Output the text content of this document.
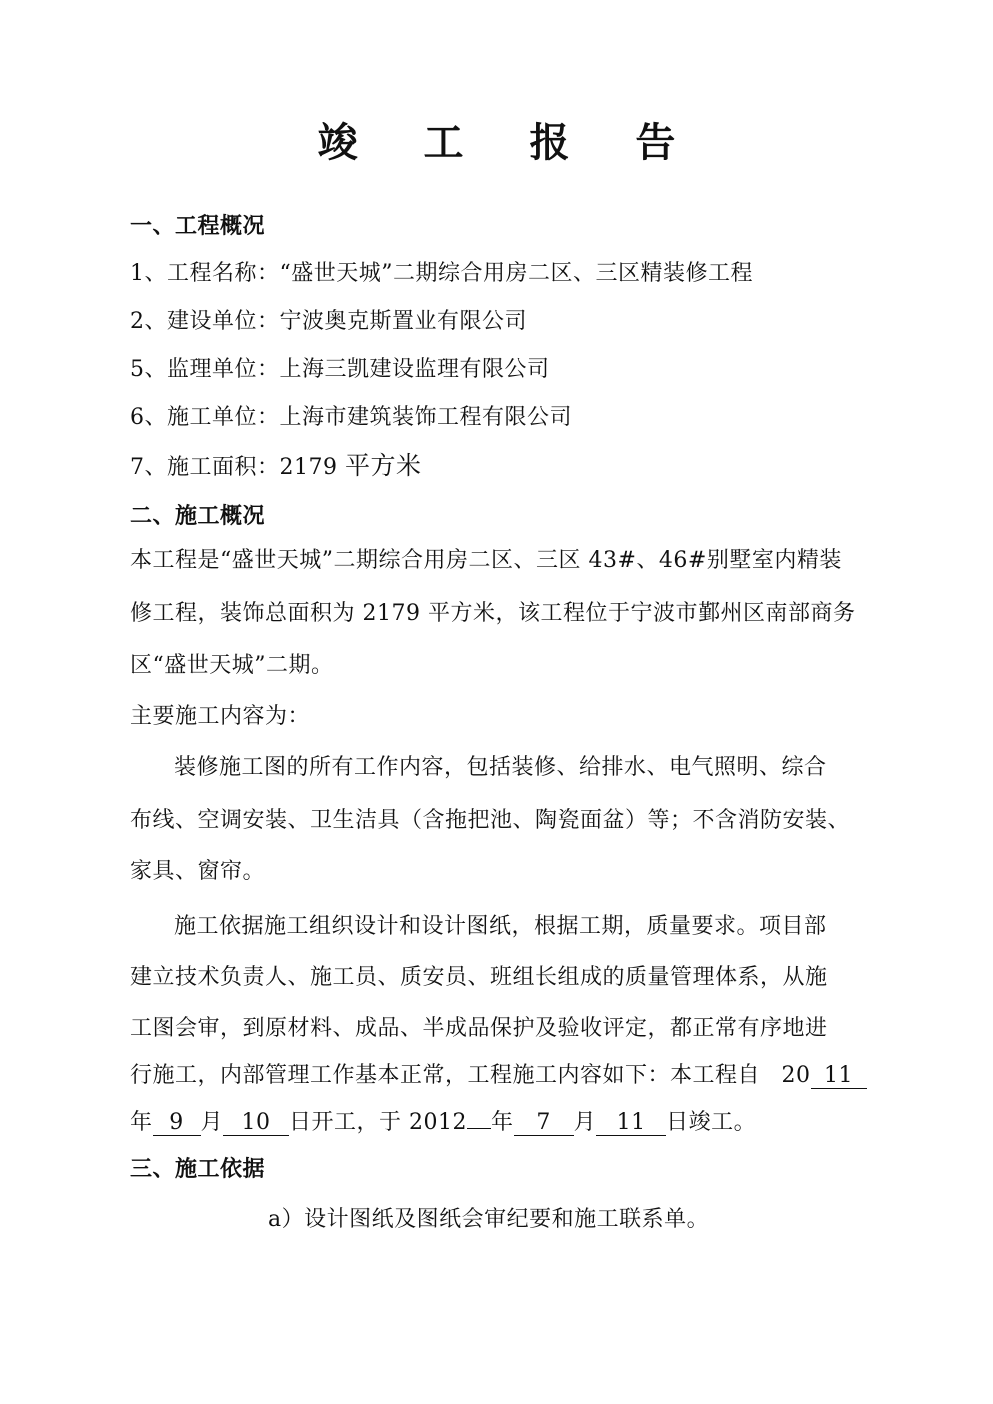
竣 工 报 告
一、工程概况
1、工程名称：“盛世天城”二期综合用房二区、三区精装修工程
2、建设单位：宁波奥克斯置业有限公司
5、监理单位：上海三凯建设监理有限公司
6、施工单位：上海市建筑装饰工程有限公司
7、施工面积：2179 平方米
二、施工概况
本工程是“盛世天城”二期综合用房二区、三区 43#、46#别墅室内精装
修工程，装饰总面积为 2179 平方米，该工程位于宁波市鄞州区南部商务
区“盛世天城”二期。
主要施工内容为：
装修施工图的所有工作内容，包括装修、给排水、电气照明、综合
布线、空调安装、卫生洁具（含拖把池、陶瓷面盆）等；不含消防安装、
家具、窗帘。
施工依据施工组织设计和设计图纸，根据工期，质量要求。项目部
建立技术负责人、施工员、质安员、班组长组成的质量管理体系，从施
工图会审，到原材料、成品、半成品保护及验收评定，都正常有序地进
行施工，内部管理工作基本正常，工程施工内容如下：本工程自 20 11
年 9 月 10 日开工，于 2012 年 7 月 11 日竣工。
三、施工依据
a）设计图纸及图纸会审纪要和施工联系单。
